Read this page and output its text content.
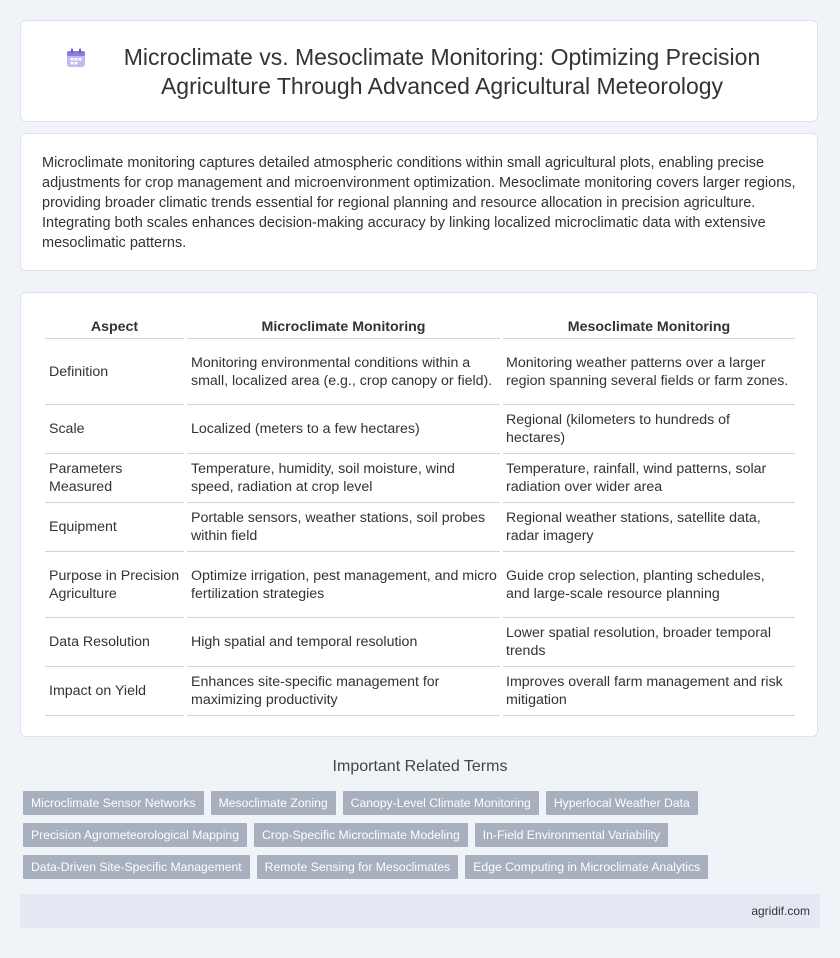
Microclimate vs. Mesoclimate Monitoring: Optimizing Precision Agriculture Through Advanced Agricultural Meteorology

Microclimate monitoring captures detailed atmospheric conditions within small agricultural plots, enabling precise adjustments for crop management and microenvironment optimization. Mesoclimate monitoring covers larger regions, providing broader climatic trends essential for regional planning and resource allocation in precision agriculture. Integrating both scales enhances decision-making accuracy by linking localized microclimatic data with extensive mesoclimatic patterns.

Aspect	Microclimate Monitoring	Mesoclimate Monitoring
Definition	Monitoring environmental conditions within a small, localized area (e.g., crop canopy or field).	Monitoring weather patterns over a larger region spanning several fields or farm zones.
Scale	Localized (meters to a few hectares)	Regional (kilometers to hundreds of hectares)
Parameters Measured	Temperature, humidity, soil moisture, wind speed, radiation at crop level	Temperature, rainfall, wind patterns, solar radiation over wider area
Equipment	Portable sensors, weather stations, soil probes within field	Regional weather stations, satellite data, radar imagery
Purpose in Precision Agriculture	Optimize irrigation, pest management, and micro fertilization strategies	Guide crop selection, planting schedules, and large-scale resource planning
Data Resolution	High spatial and temporal resolution	Lower spatial resolution, broader temporal trends
Impact on Yield	Enhances site-specific management for maximizing productivity	Improves overall farm management and risk mitigation
Important Related Terms
Microclimate Sensor Networks	Mesoclimate Zoning	Canopy-Level Climate Monitoring	Hyperlocal Weather Data
Precision Agrometeorological Mapping	Crop-Specific Microclimate Modeling	In-Field Environmental Variability
Data-Driven Site-Specific Management	Remote Sensing for Mesoclimates	Edge Computing in Microclimate Analytics
agridif.com
